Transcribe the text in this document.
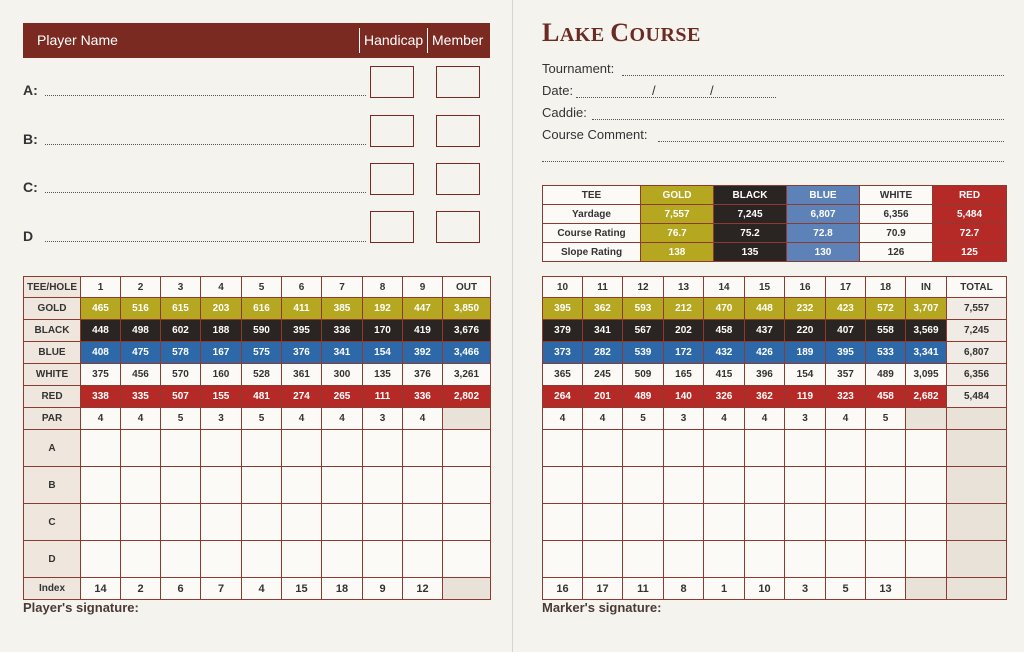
Player Name	Handicap Member
A:
B:
C:
D
TEE/HOLE	1	2	3	4	5	6	7	8	9	OUT
GOLD	465	516	615	203	616	411	385	192	447	3,850
BLACK	448	498	602	188	590	395	336	170	419	3,676
BLUE	408	475	578	167	575	376	341	154	392	3,466
WHITE	375	456	570	160	528	361	300	135	376	3,261
RED	338	335	507	155	481	274	265	111	336	2,802
PAR	4	4	5	3	5	4	4	3	4	
A										
B										
C										
D										
Index	14	2	6	7	4	15	18	9	12	
Player's signature:
LAKE COURSE
Tournament:
Date:	/	/
Caddie:
Course Comment:
TEE	GOLD	BLACK	BLUE	WHITE	RED
Yardage	7,557	7,245	6,807	6,356	5,484
Course Rating	76.7	75.2	72.8	70.9	72.7
Slope Rating	138	135	130	126	125
10	11	12	13	14	15	16	17	18	IN	TOTAL
395	362	593	212	470	448	232	423	572	3,707	7,557
379	341	567	202	458	437	220	407	558	3,569	7,245
373	282	539	172	432	426	189	395	533	3,341	6,807
365	245	509	165	415	396	154	357	489	3,095	6,356
264	201	489	140	326	362	119	323	458	2,682	5,484
4	4	5	3	4	4	3	4	5		

16	17	11	8	1	10	3	5	13		
Marker's signature:
